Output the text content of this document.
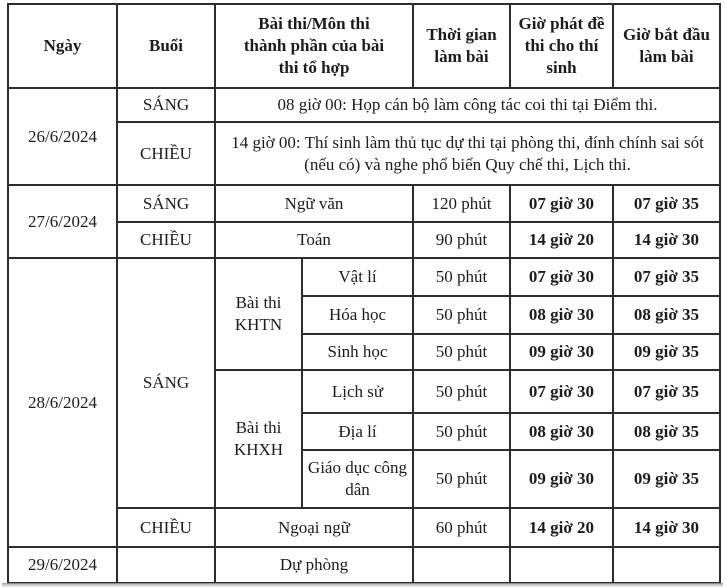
Ngày	Buổi	Bài thi/Môn thi thành phần của bài thi tổ hợp		Thời gian làm bài	Giờ phát đề thi cho thí sinh	Giờ bắt đầu làm bài

26/6/2024	SÁNG	08 giờ 00: Họp cán bộ làm công tác coi thi tại Điểm thi.				
	CHIỀU	14 giờ 00: Thí sinh làm thủ tục dự thi tại phòng thi, đính chính sai sót (nếu có) và nghe phổ biến Quy chế thi, Lịch thi.				
27/6/2024	SÁNG	Ngữ văn		120 phút	07 giờ 30	07 giờ 35
	CHIỀU	Toán		90 phút	14 giờ 20	14 giờ 30
28/6/2024	SÁNG	Bài thi KHTN	Vật lí	50 phút	07 giờ 30	07 giờ 35
			Hóa học	50 phút	08 giờ 30	08 giờ 35
			Sinh học	50 phút	09 giờ 30	09 giờ 35
		Bài thi KHXH	Lịch sử	50 phút	07 giờ 30	07 giờ 35
			Địa lí	50 phút	08 giờ 30	08 giờ 35
			Giáo dục công dân	50 phút	09 giờ 30	09 giờ 35
	CHIỀU	Ngoại ngữ		60 phút	14 giờ 20	14 giờ 30
29/6/2024		Dự phòng				
